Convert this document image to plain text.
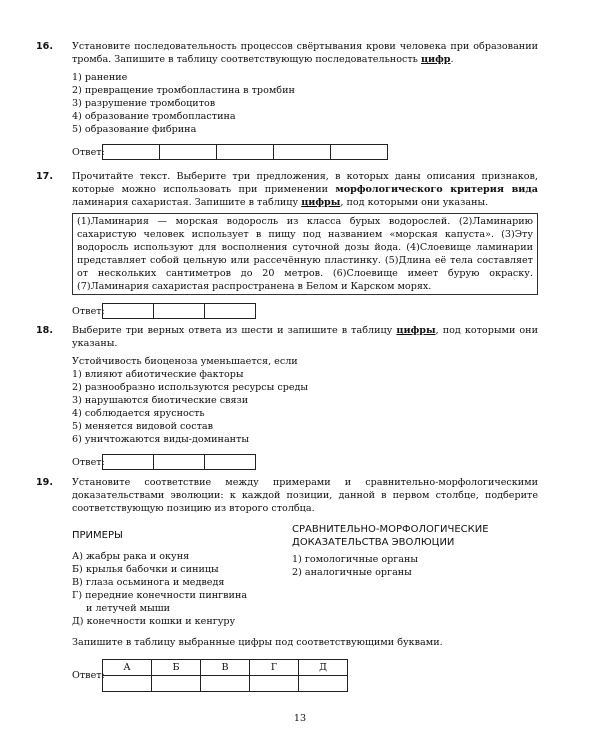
16. Установите последовательность процессов свёртывания крови человека при образовании тромба. Запишите в таблицу соответствующую последовательность цифр.
1) ранение
2) превращение тромбопластина в тромбин
3) разрушение тромбоцитов
4) образование тромбопластина
5) образование фибрина
Ответ:

17. Прочитайте текст. Выберите три предложения, в которых даны описания признаков, которые можно использовать при применении морфологического критерия вида ламинария сахаристая. Запишите в таблицу цифры, под которыми они указаны.
(1)Ламинария — морская водоросль из класса бурых водорослей. (2)Ламинарию сахаристую человек использует в пищу под названием «морская капуста». (3)Эту водоросль используют для восполнения суточной дозы йода. (4)Слоевище ламинарии представляет собой цельную или рассечённую пластинку. (5)Длина её тела составляет от нескольких сантиметров до 20 метров. (6)Слоевище имеет бурую окраску. (7)Ламинария сахаристая распространена в Белом и Карском морях.
Ответ:

18. Выберите три верных ответа из шести и запишите в таблицу цифры, под которыми они указаны.
Устойчивость биоценоза уменьшается, если
1) влияют абиотические факторы
2) разнообразно используются ресурсы среды
3) нарушаются биотические связи
4) соблюдается ярусность
5) меняется видовой состав
6) уничтожаются виды-доминанты
Ответ:

19. Установите соответствие между примерами и сравнительно-морфологическими доказательствами эволюции: к каждой позиции, данной в первом столбце, подберите соответствующую позицию из второго столбца.
ПРИМЕРЫ
А) жабры рака и окуня
Б) крылья бабочки и синицы
В) глаза осьминога и медведя
Г) передние конечности пингвина
и летучей мыши
Д) конечности кошки и кенгуру
СРАВНИТЕЛЬНО-МОРФОЛОГИЧЕСКИЕ ДОКАЗАТЕЛЬСТВА ЭВОЛЮЦИИ
1) гомологичные органы
2) аналогичные органы
Запишите в таблицу выбранные цифры под соответствующими буквами.
Ответ:
А	Б	В	Г	Д

13
